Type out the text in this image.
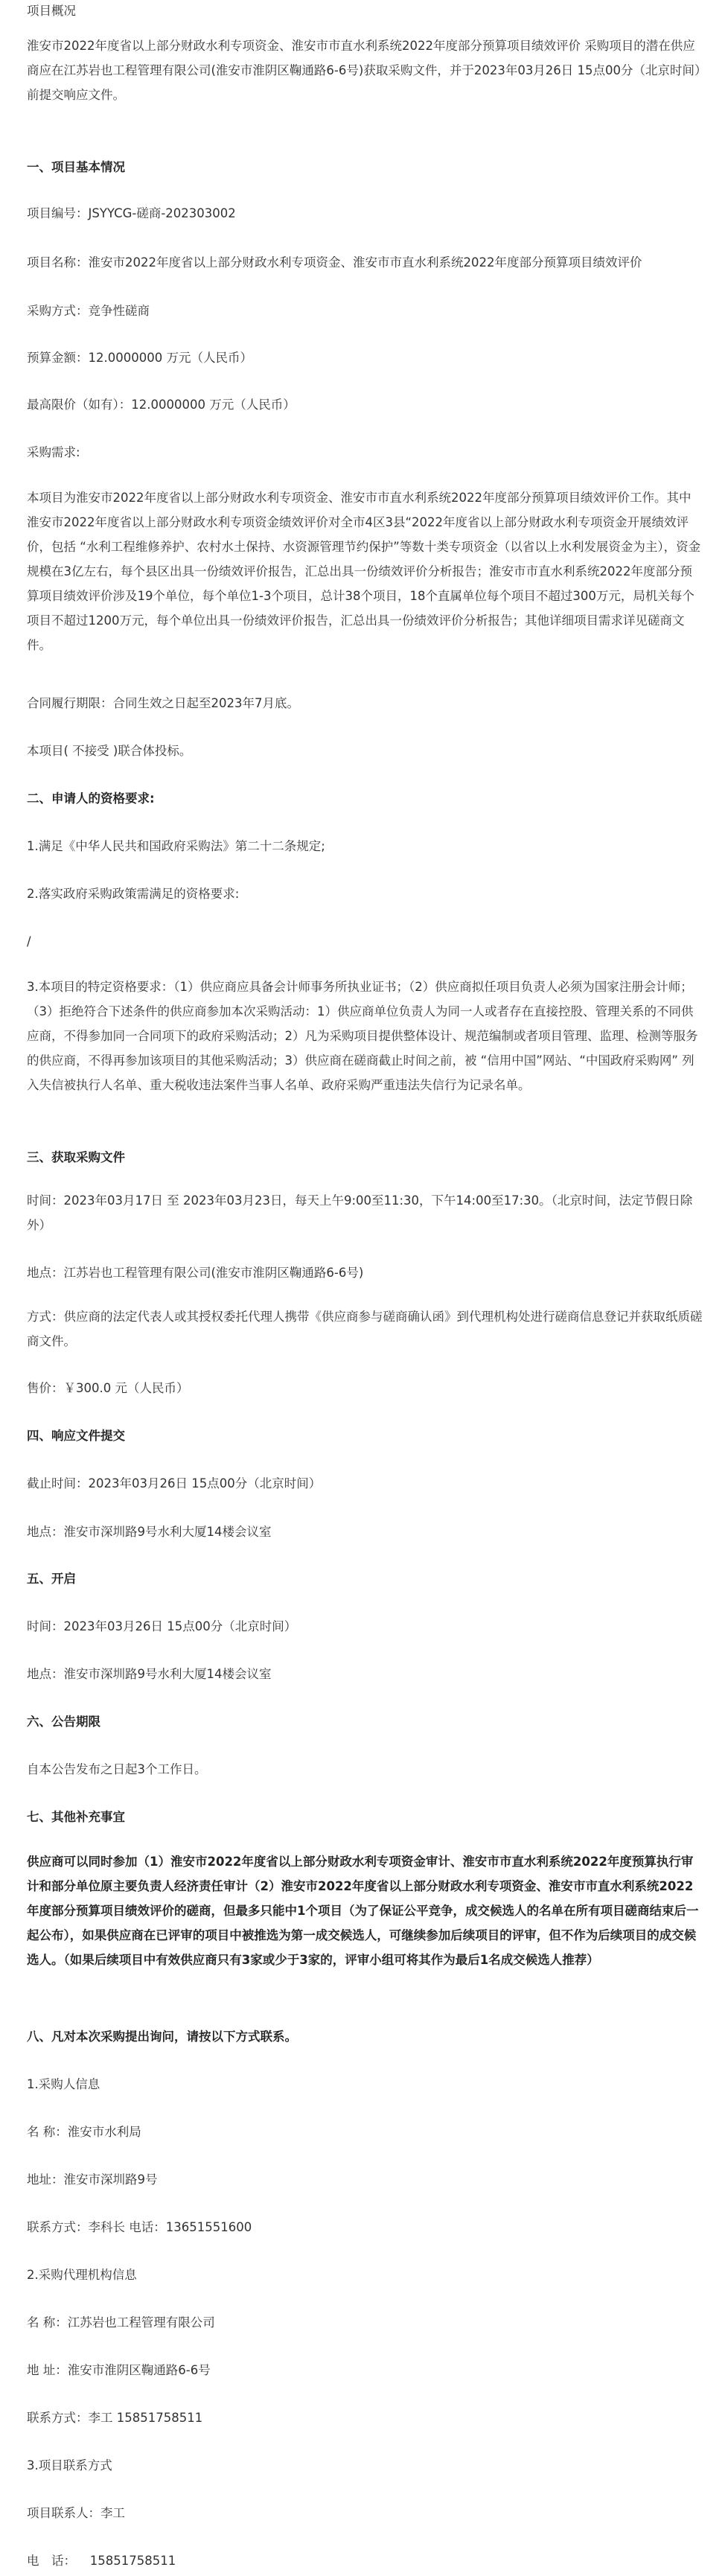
项目概况

淮安市2022年度省以上部分财政水利专项资金、淮安市市直水利系统2022年度部分预算项目绩效评价 采购项目的潜在供应商应在江苏岩也工程管理有限公司(淮安市淮阴区鞠通路6-6号)获取采购文件，并于2023年03月26日 15点00分（北京时间）前提交响应文件。

一、项目基本情况

项目编号：JSYYCG-磋商-202303002

项目名称：淮安市2022年度省以上部分财政水利专项资金、淮安市市直水利系统2022年度部分预算项目绩效评价

采购方式：竞争性磋商

预算金额：12.0000000 万元（人民币）

最高限价（如有）：12.0000000 万元（人民币）

采购需求:

本项目为淮安市2022年度省以上部分财政水利专项资金、淮安市市直水利系统2022年度部分预算项目绩效评价工作。其中淮安市2022年度省以上部分财政水利专项资金绩效评价对全市4区3县“2022年度省以上部分财政水利专项资金开展绩效评价，包括 “水利工程维修养护、农村水土保持、水资源管理节约保护”等数十类专项资金（以省以上水利发展资金为主），资金规模在3亿左右，每个县区出具一份绩效评价报告，汇总出具一份绩效评价分析报告；淮安市市直水利系统2022年度部分预算项目绩效评价涉及19个单位，每个单位1-3个项目，总计38个项目，18个直属单位每个项目不超过300万元，局机关每个项目不超过1200万元，每个单位出具一份绩效评价报告，汇总出具一份绩效评价分析报告；其他详细项目需求详见磋商文件。

合同履行期限：合同生效之日起至2023年7月底。

本项目( 不接受 )联合体投标。

二、申请人的资格要求:

1.满足《中华人民共和国政府采购法》第二十二条规定;

2.落实政府采购政策需满足的资格要求:

/

3.本项目的特定资格要求：（1）供应商应具备会计师事务所执业证书；（2）供应商拟任项目负责人必须为国家注册会计师；（3）拒绝符合下述条件的供应商参加本次采购活动：1）供应商单位负责人为同一人或者存在直接控股、管理关系的不同供应商，不得参加同一合同项下的政府采购活动；2）凡为采购项目提供整体设计、规范编制或者项目管理、监理、检测等服务的供应商，不得再参加该项目的其他采购活动；3）供应商在磋商截止时间之前，被 “信用中国”网站、“中国政府采购网” 列入失信被执行人名单、重大税收违法案件当事人名单、政府采购严重违法失信行为记录名单。

三、获取采购文件

时间：2023年03月17日 至 2023年03月23日，每天上午9:00至11:30，下午14:00至17:30。（北京时间，法定节假日除外）

地点：江苏岩也工程管理有限公司(淮安市淮阴区鞠通路6-6号)

方式：供应商的法定代表人或其授权委托代理人携带《供应商参与磋商确认函》到代理机构处进行磋商信息登记并获取纸质磋商文件。

售价：￥300.0 元（人民币）

四、响应文件提交

截止时间：2023年03月26日 15点00分（北京时间）

地点：淮安市深圳路9号水利大厦14楼会议室

五、开启

时间：2023年03月26日 15点00分（北京时间）

地点：淮安市深圳路9号水利大厦14楼会议室

六、公告期限

自本公告发布之日起3个工作日。

七、其他补充事宜

供应商可以同时参加（1）淮安市2022年度省以上部分财政水利专项资金审计、淮安市市直水利系统2022年度预算执行审计和部分单位原主要负责人经济责任审计（2）淮安市2022年度省以上部分财政水利专项资金、淮安市市直水利系统2022年度部分预算项目绩效评价的磋商，但最多只能中1个项目（为了保证公平竞争，成交候选人的名单在所有项目磋商结束后一起公布），如果供应商在已评审的项目中被推选为第一成交候选人，可继续参加后续项目的评审，但不作为后续项目的成交候选人。（如果后续项目中有效供应商只有3家或少于3家的，评审小组可将其作为最后1名成交候选人推荐）

八、凡对本次采购提出询问，请按以下方式联系。

1.采购人信息

名 称：淮安市水利局

地址：淮安市深圳路9号

联系方式：李科长 电话：13651551600

2.采购代理机构信息

名 称：江苏岩也工程管理有限公司

地 址：淮安市淮阴区鞠通路6-6号

联系方式：李工 15851758511

3.项目联系方式

项目联系人：李工

电　话：　  15851758511
